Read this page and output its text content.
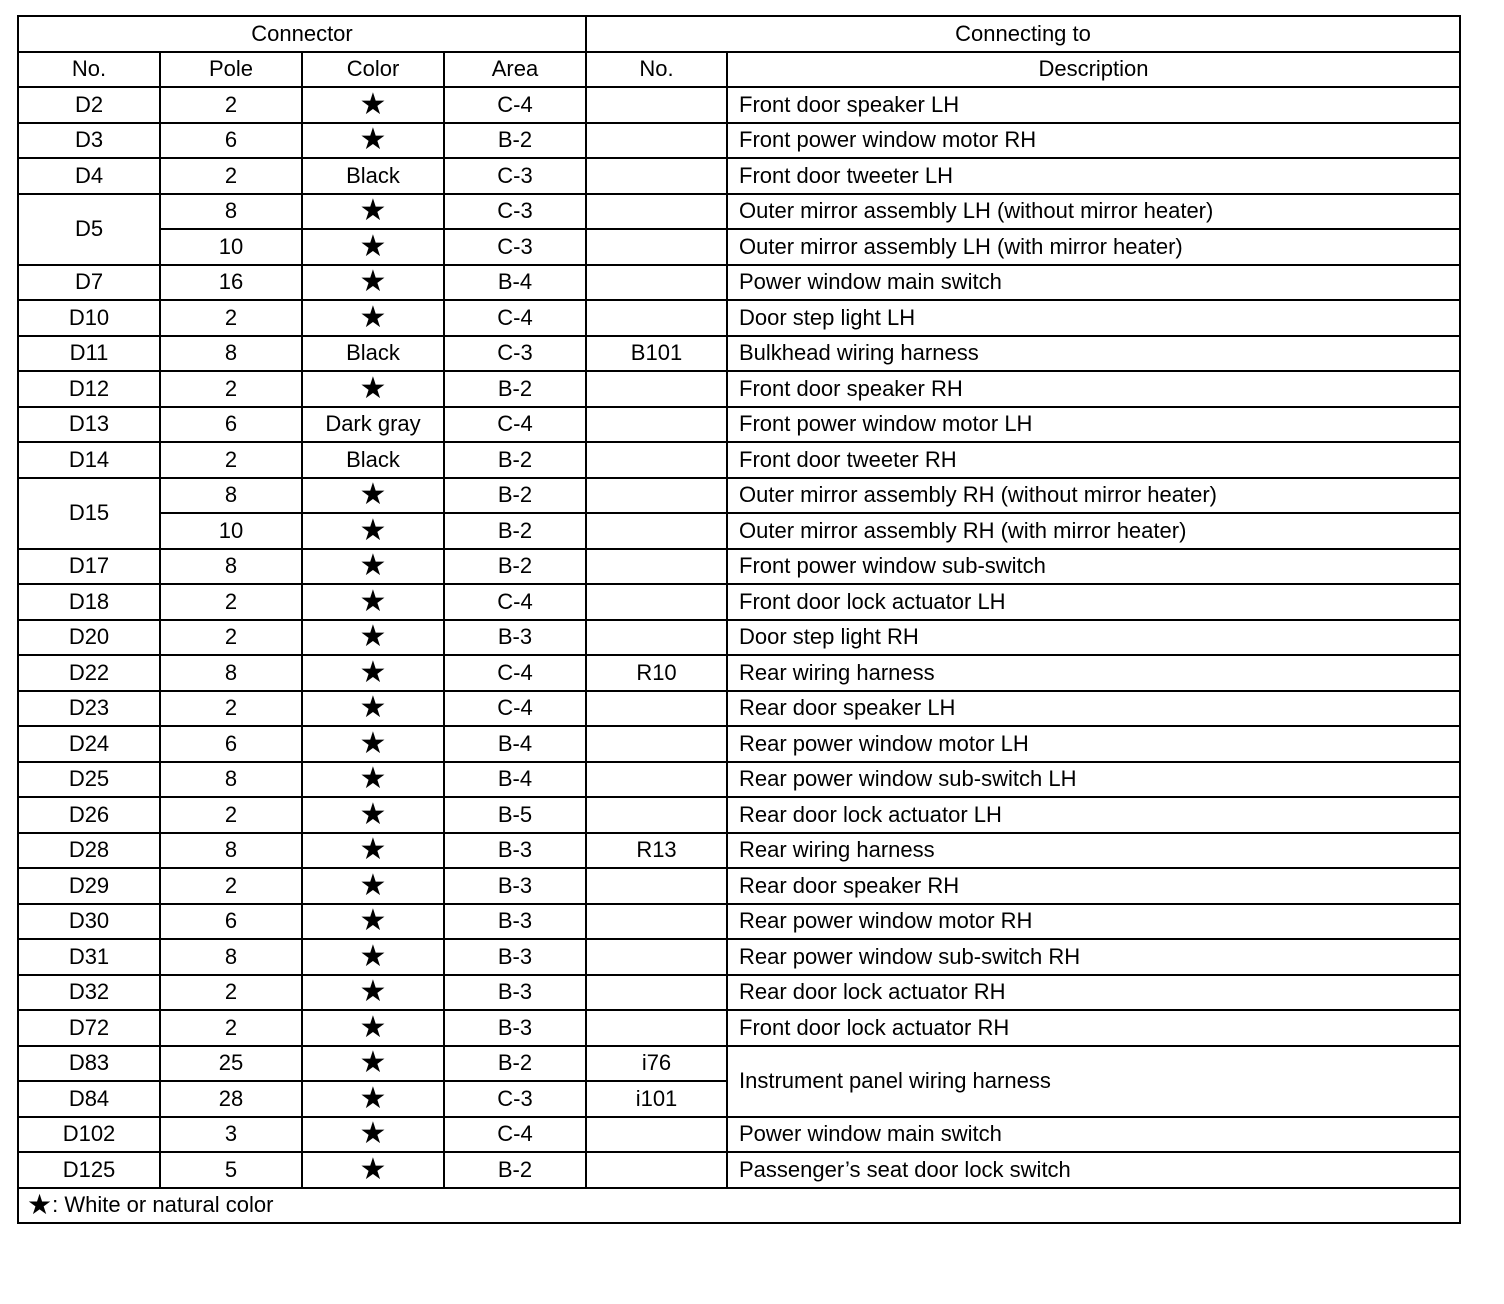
Connector				Connecting to	
No.	Pole	Color	Area	No.	Description
D2	2	★	C-4		Front door speaker LH
D3	6	★	B-2		Front power window motor RH
D4	2	Black	C-3		Front door tweeter LH
D5	8	★	C-3		Outer mirror assembly LH (without mirror heater)
	10	★	C-3		Outer mirror assembly LH (with mirror heater)
D7	16	★	B-4		Power window main switch
D10	2	★	C-4		Door step light LH
D11	8	Black	C-3	B101	Bulkhead wiring harness
D12	2	★	B-2		Front door speaker RH
D13	6	Dark gray	C-4		Front power window motor LH
D14	2	Black	B-2		Front door tweeter RH
D15	8	★	B-2		Outer mirror assembly RH (without mirror heater)
	10	★	B-2		Outer mirror assembly RH (with mirror heater)
D17	8	★	B-2		Front power window sub-switch
D18	2	★	C-4		Front door lock actuator LH
D20	2	★	B-3		Door step light RH
D22	8	★	C-4	R10	Rear wiring harness
D23	2	★	C-4		Rear door speaker LH
D24	6	★	B-4		Rear power window motor LH
D25	8	★	B-4		Rear power window sub-switch LH
D26	2	★	B-5		Rear door lock actuator LH
D28	8	★	B-3	R13	Rear wiring harness
D29	2	★	B-3		Rear door speaker RH
D30	6	★	B-3		Rear power window motor RH
D31	8	★	B-3		Rear power window sub-switch RH
D32	2	★	B-3		Rear door lock actuator RH
D72	2	★	B-3		Front door lock actuator RH
D83	25	★	B-2	i76	Instrument panel wiring harness
D84	28	★	C-3	i101	
D102	3	★	C-4		Power window main switch
D125	5	★	B-2		Passenger’s seat door lock switch
★: White or natural color					
